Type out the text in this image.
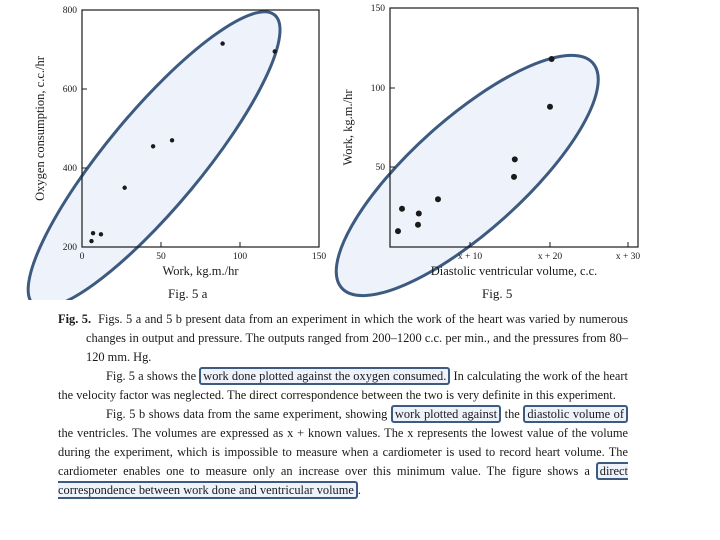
0	50	100	150
200
400
600
800
Work, kg.m./hr
Oxygen consumption, c.c./hr
x + 10	x + 20	x + 30
50
100
150
Diastolic ventricular volume, c.c.
Work, kg.m./hr
Fig. 5 a	Fig. 5

Fig. 5. Figs. 5 a and 5 b present data from an experiment in which the work of the heart was varied by numerous changes in output and pressure. The outputs ranged from 200–1200 c.c. per min., and the pressures from 80–120 mm. Hg.

Fig. 5 a shows the work done plotted against the oxygen consumed. In calculating the work of the heart the velocity factor was neglected. The direct correspondence between the two is very definite in this experiment.

Fig. 5 b shows data from the same experiment, showing work plotted against the diastolic volume of the ventricles. The volumes are expressed as x + known values. The x represents the lowest value of the volume during the experiment, which is impossible to measure when a cardiometer is used to record heart volume. The cardiometer enables one to measure only an increase over this minimum value. The figure shows a direct correspondence between work done and ventricular volume .
